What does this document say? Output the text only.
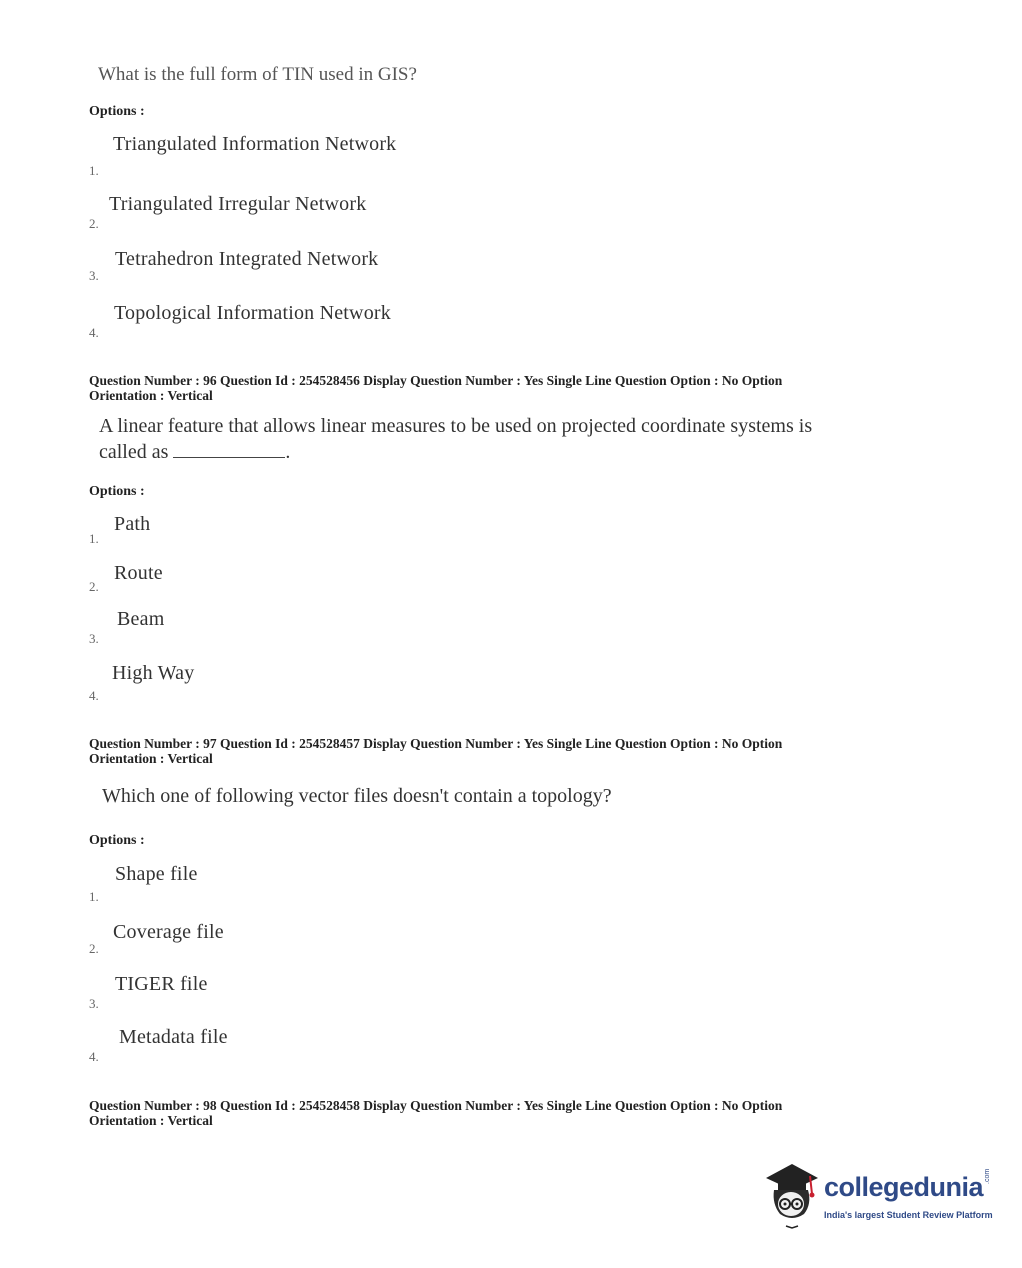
What is the full form of TIN used in GIS?
Options :
Triangulated Information Network
1.
Triangulated Irregular Network
2.
Tetrahedron Integrated Network
3.
Topological Information Network
4.
Question Number : 96 Question Id : 254528456 Display Question Number : Yes Single Line Question Option : No Option
Orientation : Vertical
A linear feature that allows linear measures to be used on projected coordinate systems is
called as	.
Options :
Path
1.
Route
2.
Beam
3.
High Way
4.
Question Number : 97 Question Id : 254528457 Display Question Number : Yes Single Line Question Option : No Option
Orientation : Vertical
Which one of following vector files doesn't contain a topology?
Options :
Shape file
1.
Coverage file
2.
TIGER file
3.
Metadata file
4.
Question Number : 98 Question Id : 254528458 Display Question Number : Yes Single Line Question Option : No Option
Orientation : Vertical
collegedunia .com
India's largest Student Review Platform
